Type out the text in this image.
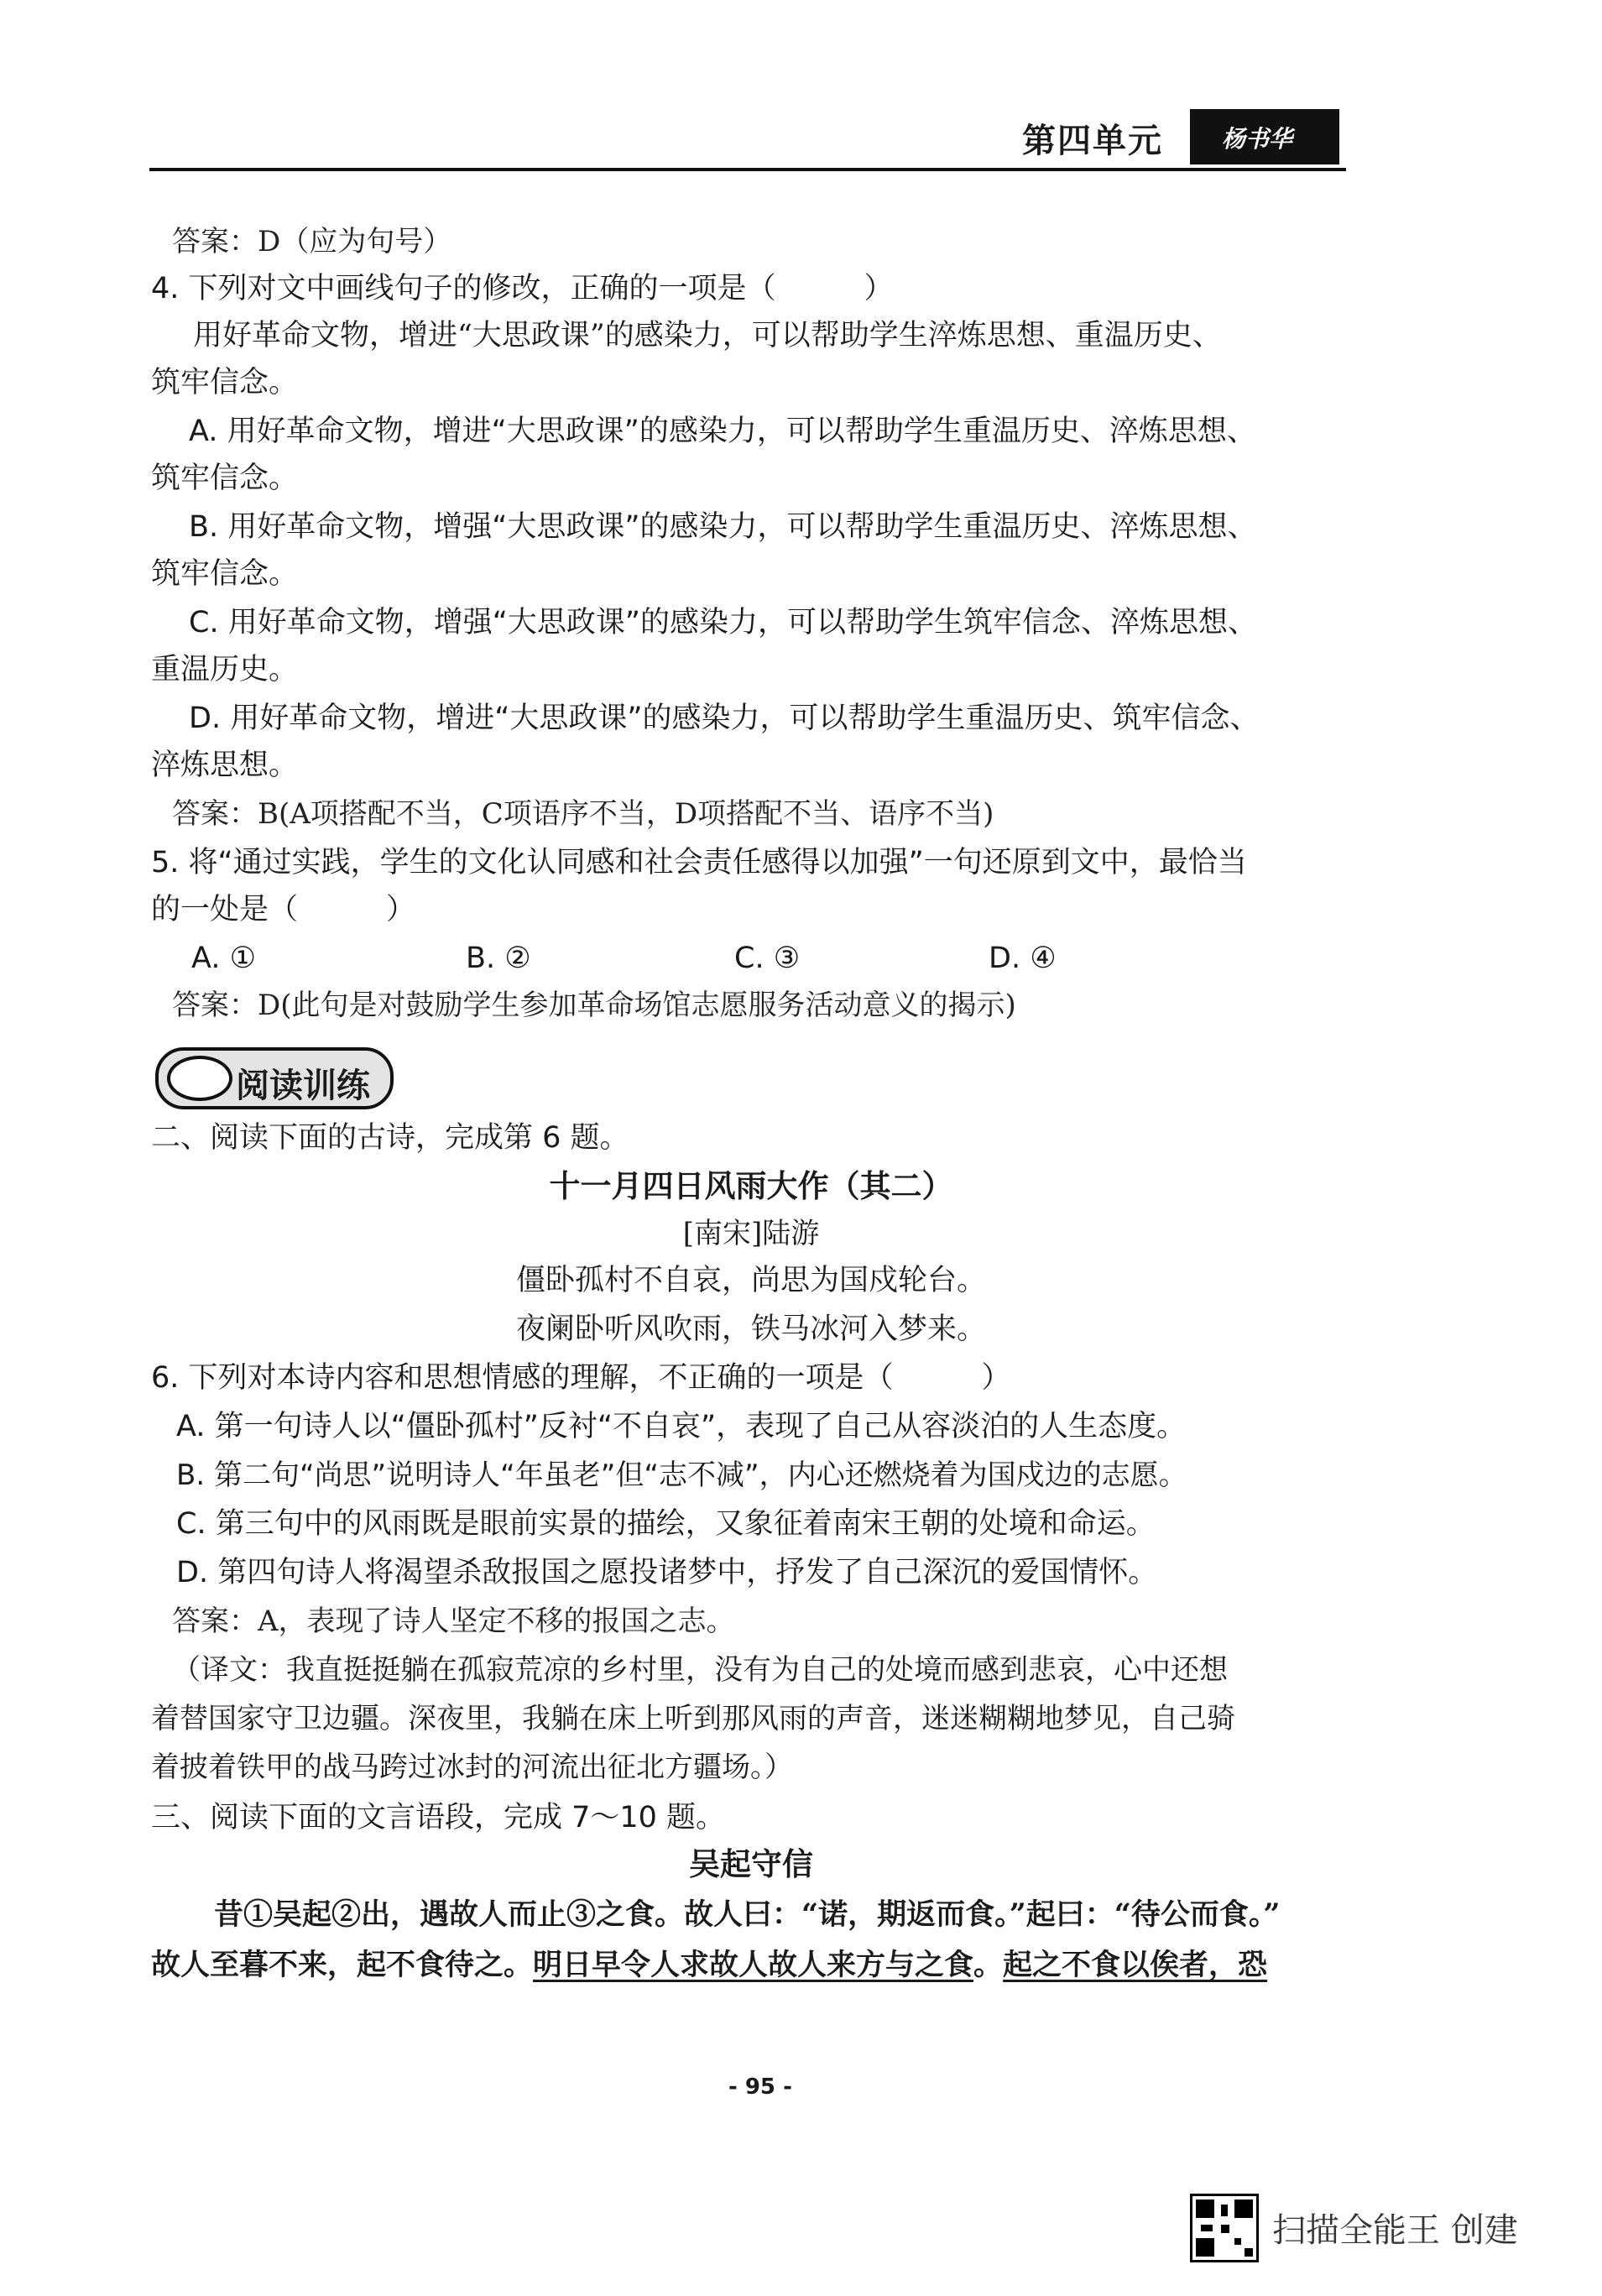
第四单元	杨书华
答案：D（应为句号）
4. 下列对文中画线句子的修改，正确的一项是（　　　）
用好革命文物，增进“大思政课”的感染力，可以帮助学生淬炼思想、重温历史、
筑牢信念。
A. 用好革命文物，增进“大思政课”的感染力，可以帮助学生重温历史、淬炼思想、
筑牢信念。
B. 用好革命文物，增强“大思政课”的感染力，可以帮助学生重温历史、淬炼思想、
筑牢信念。
C. 用好革命文物，增强“大思政课”的感染力，可以帮助学生筑牢信念、淬炼思想、
重温历史。
D. 用好革命文物，增进“大思政课”的感染力，可以帮助学生重温历史、筑牢信念、
淬炼思想。
答案：B(A项搭配不当，C项语序不当，D项搭配不当、语序不当)
5. 将“通过实践，学生的文化认同感和社会责任感得以加强”一句还原到文中，最恰当
的一处是（　　　）
A. ①	B. ②	C. ③	D. ④
答案：D(此句是对鼓励学生参加革命场馆志愿服务活动意义的揭示)
阅读训练
二、阅读下面的古诗，完成第 6 题。
十一月四日风雨大作（其二）
[南宋]陆游
僵卧孤村不自哀，尚思为国戍轮台。
夜阑卧听风吹雨，铁马冰河入梦来。
6. 下列对本诗内容和思想情感的理解，不正确的一项是（　　　）
A. 第一句诗人以“僵卧孤村”反衬“不自哀”，表现了自己从容淡泊的人生态度。
B. 第二句“尚思”说明诗人“年虽老”但“志不减”，内心还燃烧着为国戍边的志愿。
C. 第三句中的风雨既是眼前实景的描绘，又象征着南宋王朝的处境和命运。
D. 第四句诗人将渴望杀敌报国之愿投诸梦中，抒发了自己深沉的爱国情怀。
答案：A，表现了诗人坚定不移的报国之志。
（译文：我直挺挺躺在孤寂荒凉的乡村里，没有为自己的处境而感到悲哀，心中还想
着替国家守卫边疆。深夜里，我躺在床上听到那风雨的声音，迷迷糊糊地梦见，自己骑
着披着铁甲的战马跨过冰封的河流出征北方疆场。）
三、阅读下面的文言语段，完成 7～10 题。
吴起守信
昔①吴起②出，遇故人而止③之食。故人曰：“诺，期返而食。”起曰：“待公而食。”
故人至暮不来，起不食待之。明日早令人求故人故人来方与之食。起之不食以俟者，恐
- 95 -
扫描全能王 创建
